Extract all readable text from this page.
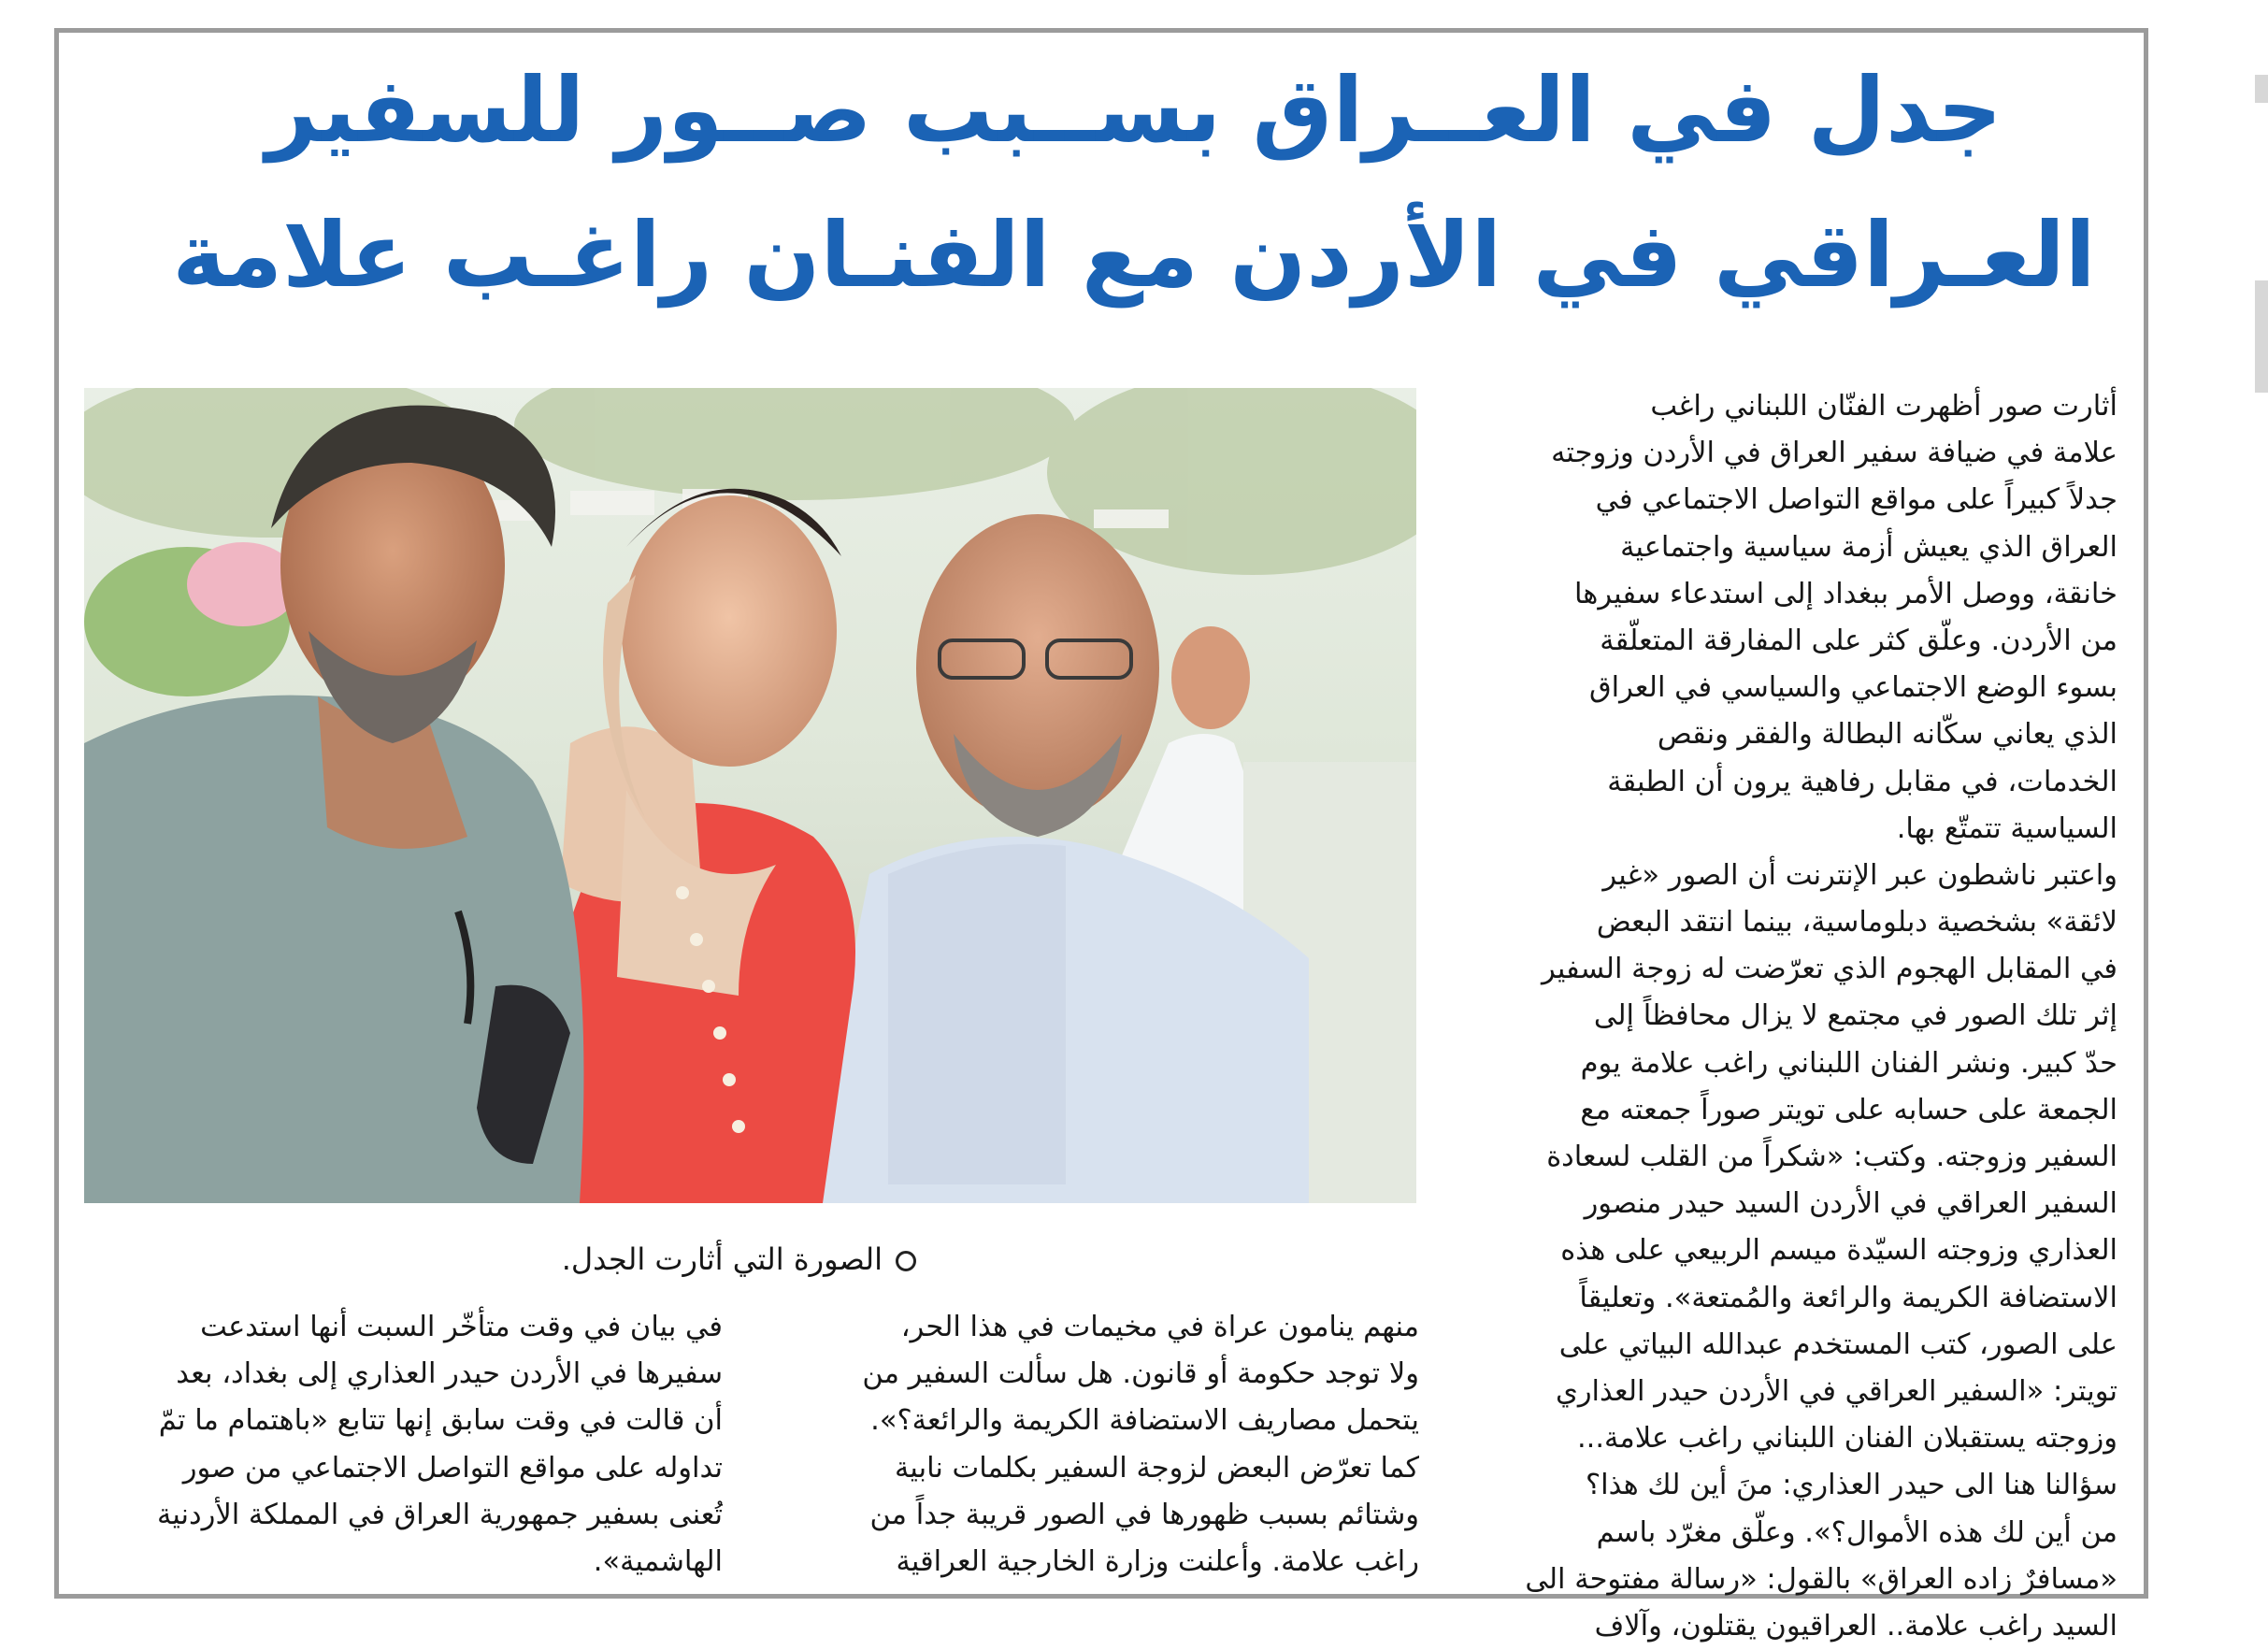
جدل في العــراق بســبب صــور للسفير
العـراقي في الأردن مع الفنـان راغـب علامة
الصورة التي أثارت الجدل.
أثارت صور أظهرت الفنّان اللبناني راغب
علامة في ضيافة سفير العراق في الأردن وزوجته
جدلاً كبيراً على مواقع التواصل الاجتماعي في
العراق الذي يعيش أزمة سياسية واجتماعية
خانقة، ووصل الأمر ببغداد إلى استدعاء سفيرها
من الأردن. وعلّق كثر على المفارقة المتعلّقة
بسوء الوضع الاجتماعي والسياسي في العراق
الذي يعاني سكّانه البطالة والفقر ونقص
الخدمات، في مقابل رفاهية يرون أن الطبقة
السياسية تتمتّع بها.
واعتبر ناشطون عبر الإنترنت أن الصور «غير
لائقة» بشخصية دبلوماسية، بينما انتقد البعض
في المقابل الهجوم الذي تعرّضت له زوجة السفير
إثر تلك الصور في مجتمع لا يزال محافظاً إلى
حدّ كبير. ونشر الفنان اللبناني راغب علامة يوم
الجمعة على حسابه على تويتر صوراً جمعته مع
السفير وزوجته. وكتب: «شكراً من القلب لسعادة
السفير العراقي في الأردن السيد حيدر منصور
العذاري وزوجته السيّدة ميسم الربيعي على هذه
الاستضافة الكريمة والرائعة والمُمتعة». وتعليقاً
على الصور، كتب المستخدم عبدالله البياتي على
تويتر: «السفير العراقي في الأردن حيدر العذاري
وزوجته يستقبلان الفنان اللبناني راغب علامة...
سؤالنا هنا الى حيدر العذاري: منَ أين لك هذا؟
من أين لك هذه الأموال؟». وعلّق مغرّد باسم
«مسافرٌ زاده العراق» بالقول: «رسالة مفتوحة الى
السيد راغب علامة.. العراقيون يقتلون، وآلاف
منهم ينامون عراة في مخيمات في هذا الحر،
ولا توجد حكومة أو قانون. هل سألت السفير من
يتحمل مصاريف الاستضافة الكريمة والرائعة؟».
كما تعرّض البعض لزوجة السفير بكلمات نابية
وشتائم بسبب ظهورها في الصور قريبة جداً من
راغب علامة. وأعلنت وزارة الخارجية العراقية
في بيان في وقت متأخّر السبت أنها استدعت
سفيرها في الأردن حيدر العذاري إلى بغداد، بعد
أن قالت في وقت سابق إنها تتابع «باهتمام ما تمّ
تداوله على مواقع التواصل الاجتماعي من صور
تُعنى بسفير جمهورية العراق في المملكة الأردنية
الهاشمية».
